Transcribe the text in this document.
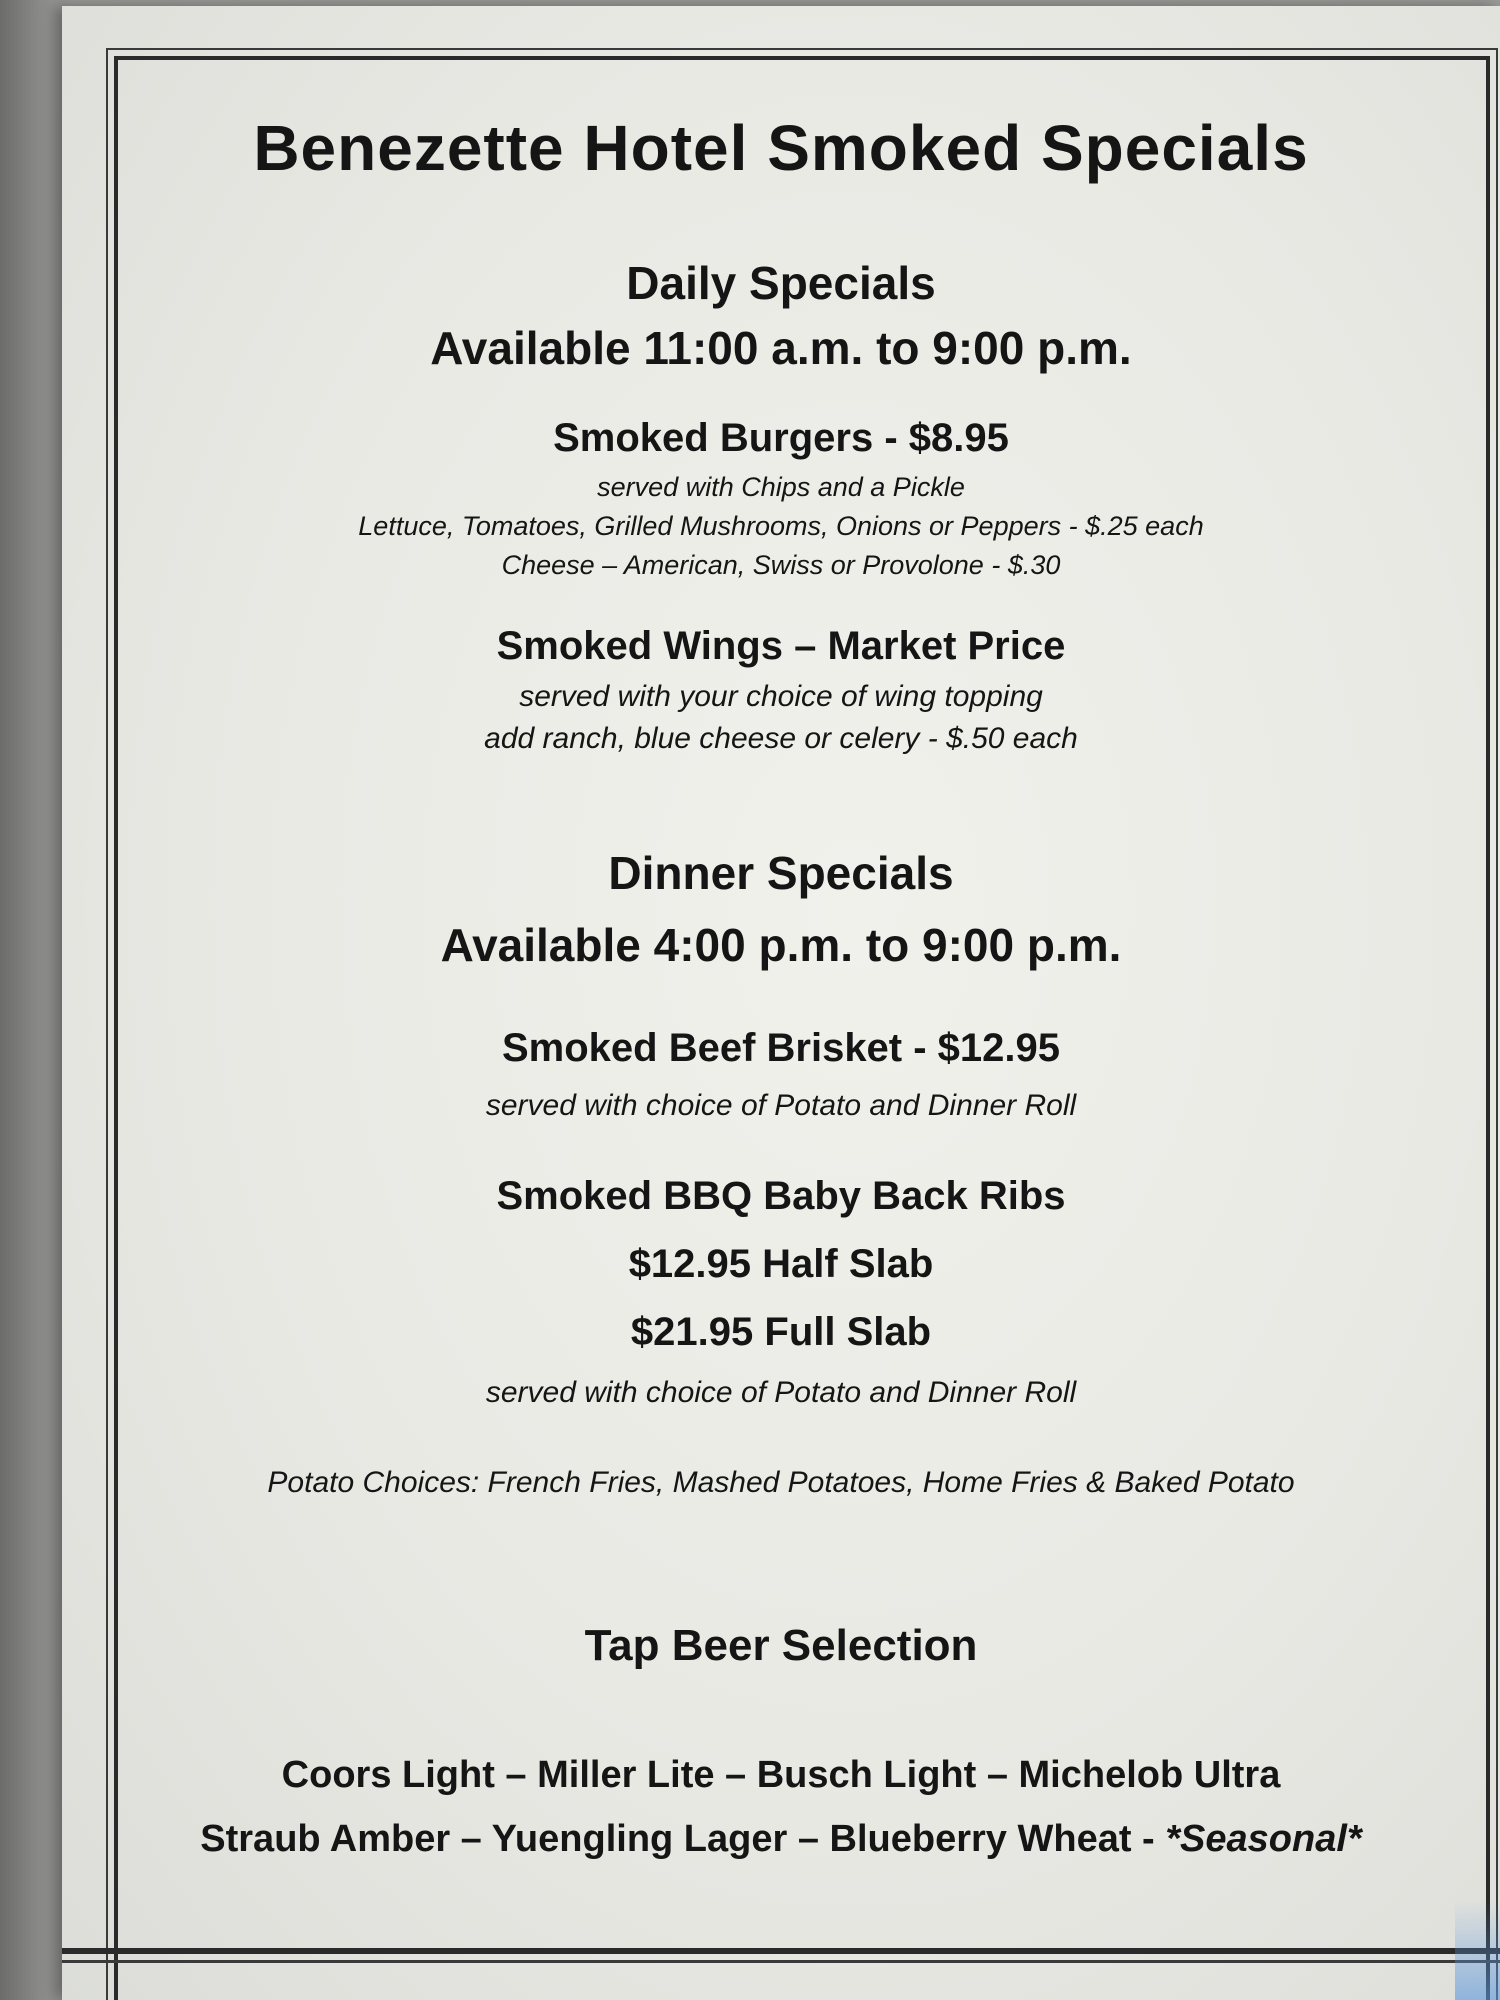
Benezette Hotel Smoked Specials
Daily Specials
Available 11:00 a.m. to 9:00 p.m.
Smoked Burgers - $8.95
served with Chips and a Pickle
Lettuce, Tomatoes, Grilled Mushrooms, Onions or Peppers - $.25 each
Cheese – American, Swiss or Provolone - $.30
Smoked Wings – Market Price
served with your choice of wing topping
add ranch, blue cheese or celery - $.50 each
Dinner Specials
Available 4:00 p.m. to 9:00 p.m.
Smoked Beef Brisket - $12.95
served with choice of Potato and Dinner Roll
Smoked BBQ Baby Back Ribs
$12.95 Half Slab
$21.95 Full Slab
served with choice of Potato and Dinner Roll
Potato Choices: French Fries, Mashed Potatoes, Home Fries & Baked Potato
Tap Beer Selection
Coors Light – Miller Lite – Busch Light – Michelob Ultra
Straub Amber – Yuengling Lager – Blueberry Wheat - *Seasonal*
